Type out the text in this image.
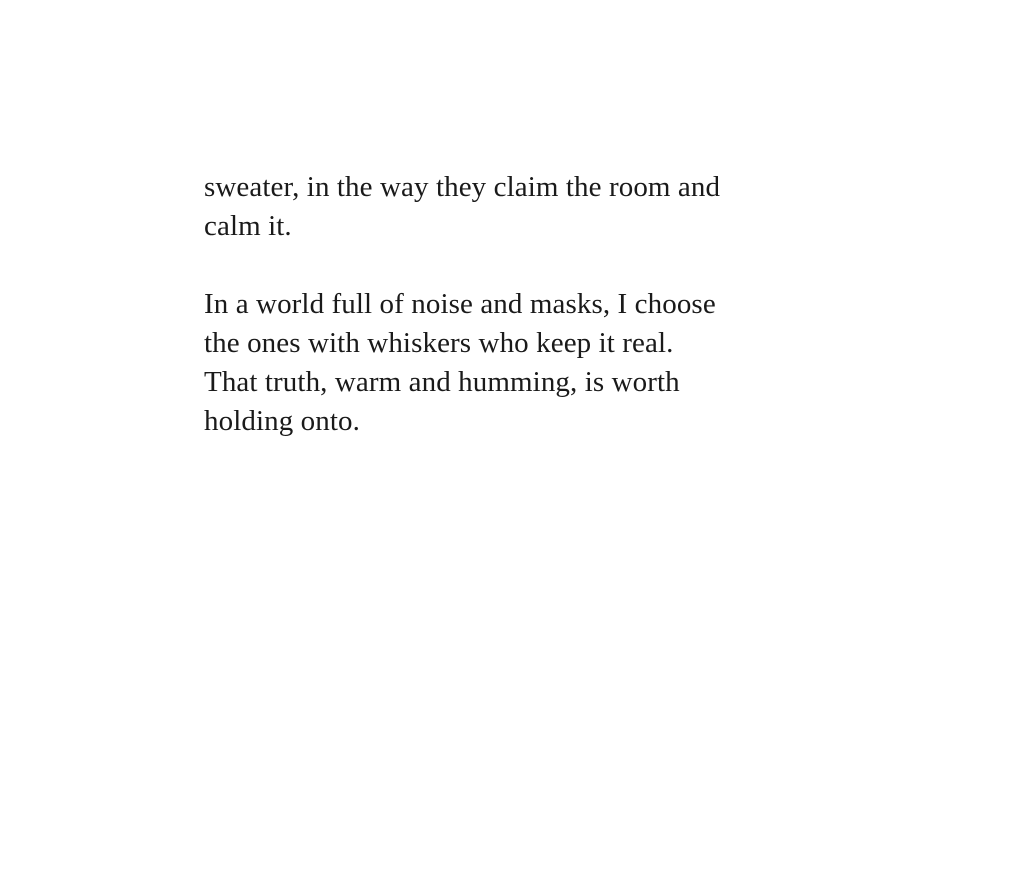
sweater, in the way they claim the room and
calm it.

In a world full of noise and masks, I choose
the ones with whiskers who keep it real.
That truth, warm and humming, is worth
holding onto.
